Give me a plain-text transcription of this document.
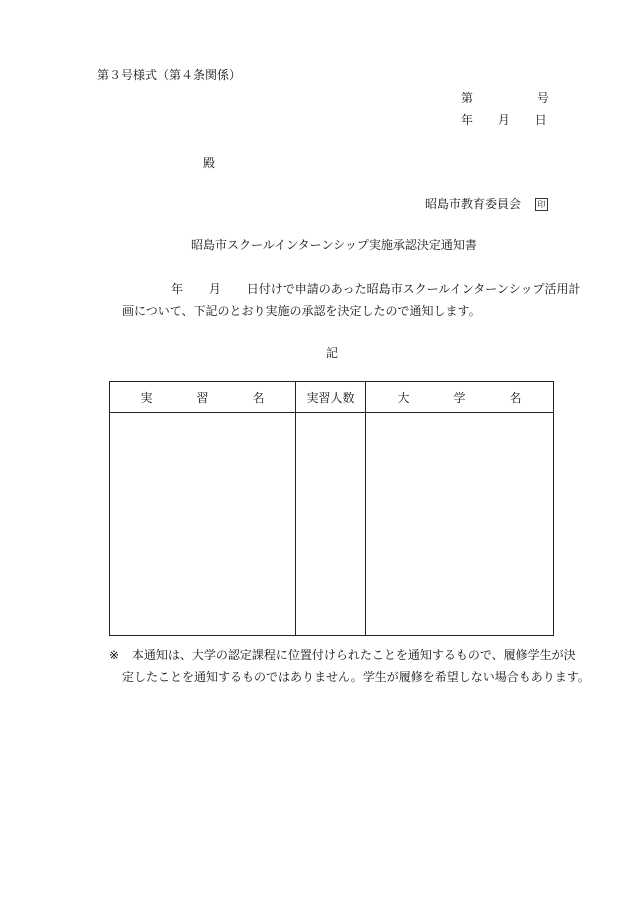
第３号様式（第４条関係）
第	号
年 月 日
殿
昭島市教育委員会 印
昭島市スクールインターンシップ実施承認決定通知書
年 月 日付けで申請のあった昭島市スクールインターンシップ活用計
画について、下記のとおり実施の承認を決定したので通知します。
記
実 習 名	実習人数	大 学 名

※ 本通知は、大学の認定課程に位置付けられたことを通知するもので、履修学生が決
定したことを通知するものではありません。学生が履修を希望しない場合もあります。
